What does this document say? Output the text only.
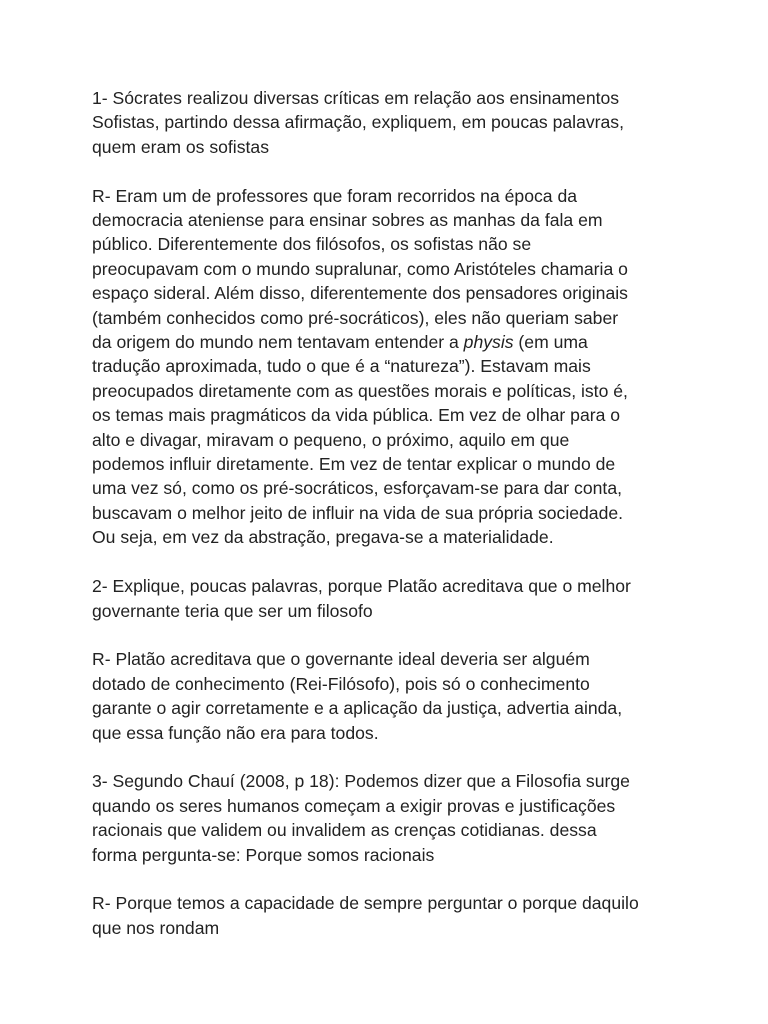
1- Sócrates realizou diversas críticas em relação aos ensinamentos
Sofistas, partindo dessa afirmação, expliquem, em poucas palavras,
quem eram os sofistas

R- Eram um de professores que foram recorridos na época da
democracia ateniense para ensinar sobres as manhas da fala em
público. Diferentemente dos filósofos, os sofistas não se
preocupavam com o mundo supralunar, como Aristóteles chamaria o
espaço sideral. Além disso, diferentemente dos pensadores originais
(também conhecidos como pré-socráticos), eles não queriam saber
da origem do mundo nem tentavam entender a physis (em uma
tradução aproximada, tudo o que é a “natureza”). Estavam mais
preocupados diretamente com as questões morais e políticas, isto é,
os temas mais pragmáticos da vida pública. Em vez de olhar para o
alto e divagar, miravam o pequeno, o próximo, aquilo em que
podemos influir diretamente. Em vez de tentar explicar o mundo de
uma vez só, como os pré-socráticos, esforçavam-se para dar conta,
buscavam o melhor jeito de influir na vida de sua própria sociedade.
Ou seja, em vez da abstração, pregava-se a materialidade.

2- Explique, poucas palavras, porque Platão acreditava que o melhor
governante teria que ser um filosofo

R- Platão acreditava que o governante ideal deveria ser alguém
dotado de conhecimento (Rei-Filósofo), pois só o conhecimento
garante o agir corretamente e a aplicação da justiça, advertia ainda,
que essa função não era para todos.

3- Segundo Chauí (2008, p 18): Podemos dizer que a Filosofia surge
quando os seres humanos começam a exigir provas e justificações
racionais que validem ou invalidem as crenças cotidianas. dessa
forma pergunta-se: Porque somos racionais

R- Porque temos a capacidade de sempre perguntar o porque daquilo
que nos rondam
